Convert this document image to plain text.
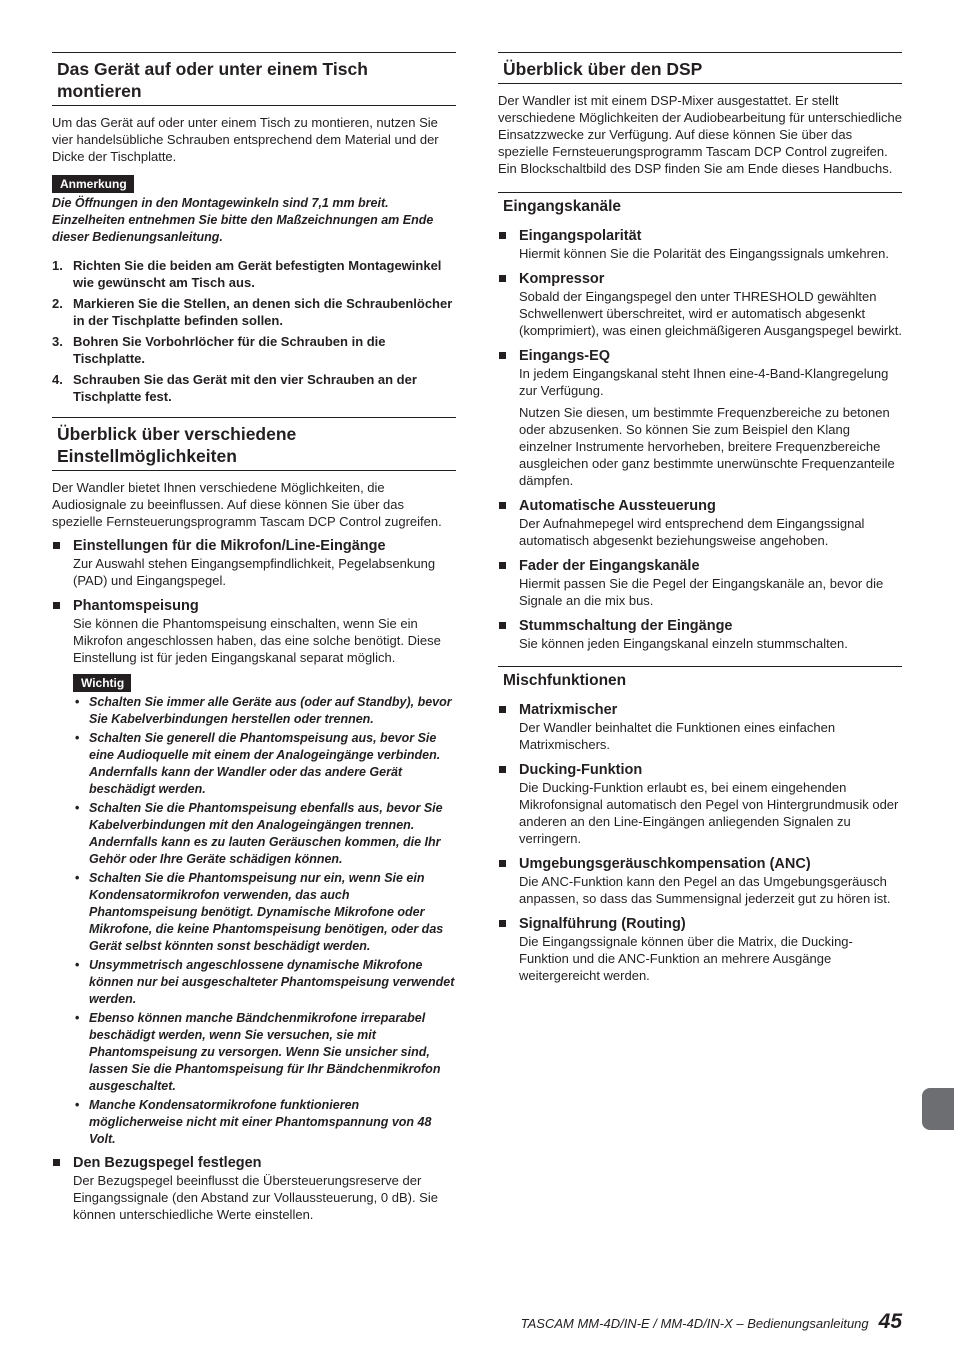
Das Gerät auf oder unter einem Tisch montieren

Um das Gerät auf oder unter einem Tisch zu montieren, nutzen Sie vier handelsübliche Schrauben entsprechend dem Material und der Dicke der Tischplatte.

Anmerkung

Die Öffnungen in den Montagewinkeln sind 7,1 mm breit. Einzelheiten entnehmen Sie bitte den Maßzeichnungen am Ende dieser Bedienungsanleitung.

1. Richten Sie die beiden am Gerät befestigten Montagewinkel wie gewünscht am Tisch aus.
2. Markieren Sie die Stellen, an denen sich die Schraubenlöcher in der Tischplatte befinden sollen.
3. Bohren Sie Vorbohrlöcher für die Schrauben in die Tischplatte.
4. Schrauben Sie das Gerät mit den vier Schrauben an der Tischplatte fest.
Überblick über verschiedene Einstellmöglichkeiten

Der Wandler bietet Ihnen verschiedene Möglichkeiten, die Audiosignale zu beeinflussen. Auf diese können Sie über das spezielle Fernsteuerungsprogramm Tascam DCP Control zugreifen.

Einstellungen für die Mikrofon/Line-Eingänge
Zur Auswahl stehen Eingangsempfindlichkeit, Pegelabsenkung (PAD) und Eingangspegel.
Phantomspeisung
Sie können die Phantomspeisung einschalten, wenn Sie ein Mikrofon angeschlossen haben, das eine solche benötigt. Diese Einstellung ist für jeden Eingangskanal separat möglich.
Wichtig
• Schalten Sie immer alle Geräte aus (oder auf Standby), bevor Sie Kabelverbindungen herstellen oder trennen.
• Schalten Sie generell die Phantomspeisung aus, bevor Sie eine Audioquelle mit einem der Analogeingänge verbinden. Andernfalls kann der Wandler oder das andere Gerät beschädigt werden.
• Schalten Sie die Phantomspeisung ebenfalls aus, bevor Sie Kabelverbindungen mit den Analogeingängen trennen. Andernfalls kann es zu lauten Geräuschen kommen, die Ihr Gehör oder Ihre Geräte schädigen können.
• Schalten Sie die Phantomspeisung nur ein, wenn Sie ein Kondensatormikrofon verwenden, das auch Phantomspeisung benötigt. Dynamische Mikrofone oder Mikrofone, die keine Phantomspeisung benötigen, oder das Gerät selbst könnten sonst beschädigt werden.
• Unsymmetrisch angeschlossene dynamische Mikrofone können nur bei ausgeschalteter Phantomspeisung verwendet werden.
• Ebenso können manche Bändchenmikrofone irreparabel beschädigt werden, wenn Sie versuchen, sie mit Phantomspeisung zu versorgen. Wenn Sie unsicher sind, lassen Sie die Phantomspeisung für Ihr Bändchenmikrofon ausgeschaltet.
• Manche Kondensatormikrofone funktionieren möglicherweise nicht mit einer Phantomspannung von 48 Volt.
Den Bezugspegel festlegen
Der Bezugspegel beeinflusst die Übersteuerungsreserve der Eingangssignale (den Abstand zur Vollaussteuerung, 0 dB). Sie können unterschiedliche Werte einstellen.
Überblick über den DSP

Der Wandler ist mit einem DSP-Mixer ausgestattet. Er stellt verschiedene Möglichkeiten der Audiobearbeitung für unterschiedliche Einsatzzwecke zur Verfügung. Auf diese können Sie über das spezielle Fernsteuerungsprogramm Tascam DCP Control zugreifen.

Ein Blockschaltbild des DSP finden Sie am Ende dieses Handbuchs.

Eingangskanäle
Eingangspolarität
Hiermit können Sie die Polarität des Eingangssignals umkehren.
Kompressor
Sobald der Eingangspegel den unter THRESHOLD gewählten Schwellenwert überschreitet, wird er automatisch abgesenkt (komprimiert), was einen gleichmäßigeren Ausgangspegel bewirkt.
Eingangs-EQ
In jedem Eingangskanal steht Ihnen eine-4-Band-Klangregelung zur Verfügung.
Nutzen Sie diesen, um bestimmte Frequenzbereiche zu betonen oder abzusenken. So können Sie zum Beispiel den Klang einzelner Instrumente hervorheben, breitere Frequenzbereiche ausgleichen oder ganz bestimmte unerwünschte Frequenzanteile dämpfen.
Automatische Aussteuerung
Der Aufnahmepegel wird entsprechend dem Eingangssignal automatisch abgesenkt beziehungsweise angehoben.
Fader der Eingangskanäle
Hiermit passen Sie die Pegel der Eingangskanäle an, bevor die Signale an die mix bus.
Stummschaltung der Eingänge
Sie können jeden Eingangskanal einzeln stummschalten.
Mischfunktionen
Matrixmischer
Der Wandler beinhaltet die Funktionen eines einfachen Matrixmischers.
Ducking-Funktion
Die Ducking-Funktion erlaubt es, bei einem eingehenden Mikrofonsignal automatisch den Pegel von Hintergrundmusik oder anderen an den Line-Eingängen anliegenden Signalen zu verringern.
Umgebungsgeräuschkompensation (ANC)
Die ANC-Funktion kann den Pegel an das Umgebungsgeräusch anpassen, so dass das Summensignal jederzeit gut zu hören ist.
Signalführung (Routing)
Die Eingangssignale können über die Matrix, die Ducking-Funktion und die ANC-Funktion an mehrere Ausgänge weitergereicht werden.
TASCAM MM-4D/IN-E / MM-4D/IN-X – Bedienungsanleitung 45
